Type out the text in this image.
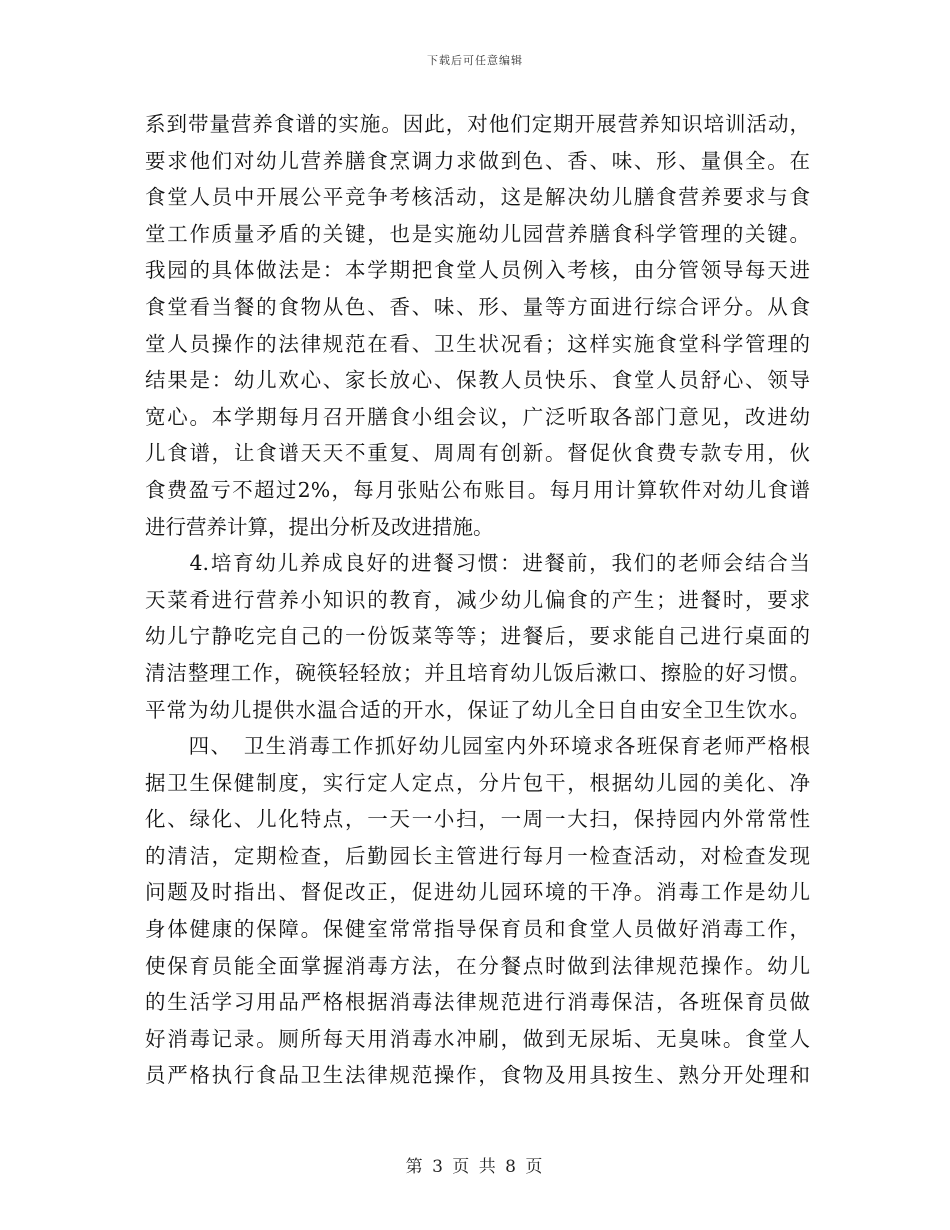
下载后可任意编辑
系到带量营养食谱的实施。因此，对他们定期开展营养知识培训活动，
要求他们对幼儿营养膳食烹调力求做到色、香、味、形、量俱全。在
食堂人员中开展公平竞争考核活动，这是解决幼儿膳食营养要求与食
堂工作质量矛盾的关键，也是实施幼儿园营养膳食科学管理的关键。
我园的具体做法是：本学期把食堂人员例入考核，由分管领导每天进
食堂看当餐的食物从色、香、味、形、量等方面进行综合评分。从食
堂人员操作的法律规范在看、卫生状况看；这样实施食堂科学管理的
结果是：幼儿欢心、家长放心、保教人员快乐、食堂人员舒心、领导
宽心。本学期每月召开膳食小组会议，广泛听取各部门意见，改进幼
儿食谱，让食谱天天不重复、周周有创新。督促伙食费专款专用，伙
食费盈亏不超过2%，每月张贴公布账目。每月用计算软件对幼儿食谱
进行营养计算，提出分析及改进措施。
　　4.培育幼儿养成良好的进餐习惯：进餐前，我们的老师会结合当
天菜肴进行营养小知识的教育，减少幼儿偏食的产生；进餐时，要求
幼儿宁静吃完自己的一份饭菜等等；进餐后，要求能自己进行桌面的
清洁整理工作，碗筷轻轻放；并且培育幼儿饭后漱口、擦脸的好习惯。
平常为幼儿提供水温合适的开水，保证了幼儿全日自由安全卫生饮水。
　　四、　卫生消毒工作抓好幼儿园室内外环境求各班保育老师严格根
据卫生保健制度，实行定人定点，分片包干，根据幼儿园的美化、净
化、绿化、儿化特点，一天一小扫，一周一大扫，保持园内外常常性
的清洁，定期检查，后勤园长主管进行每月一检查活动，对检查发现
问题及时指出、督促改正，促进幼儿园环境的干净。消毒工作是幼儿
身体健康的保障。保健室常常指导保育员和食堂人员做好消毒工作，
使保育员能全面掌握消毒方法，在分餐点时做到法律规范操作。幼儿
的生活学习用品严格根据消毒法律规范进行消毒保洁，各班保育员做
好消毒记录。厕所每天用消毒水冲刷，做到无尿垢、无臭味。食堂人
员严格执行食品卫生法律规范操作，食物及用具按生、熟分开处理和
第 3 页 共 8 页
